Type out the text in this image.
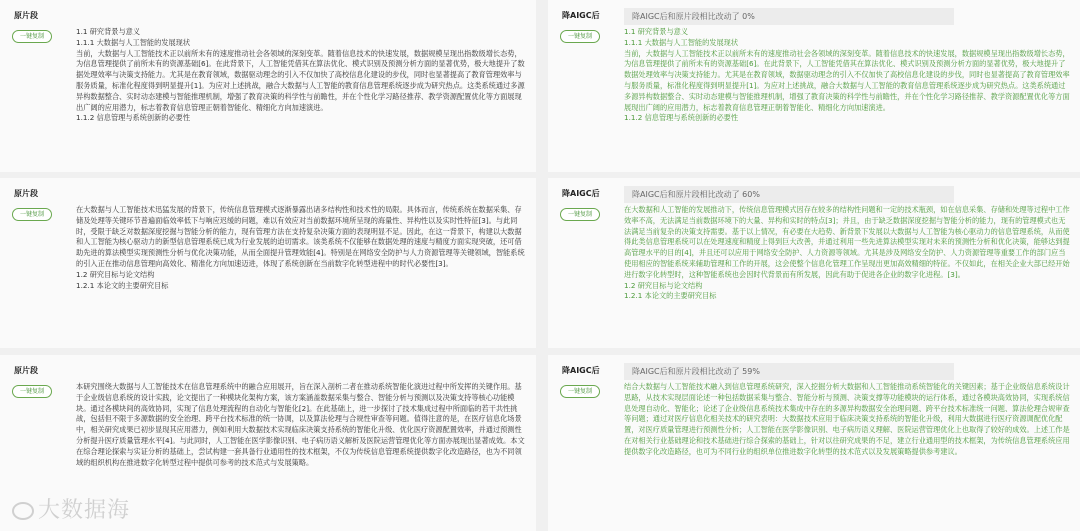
原片段
一键复制
1.1 研究背景与意义
1.1.1 大数据与人工智能的发展现状
当前，大数据与人工智能技术正以前所未有的速度推动社会各领域的深刻变革。随着信息技术的快速发展，数据规模呈现出指数级增长态势，为信息管理提供了前所未有的资源基础[6]。在此背景下，人工智能凭借其在算法优化、模式识别及预测分析方面的显著优势，极大地提升了数据处理效率与决策支持能力。尤其是在教育领域，数据驱动理念的引入不仅加快了高校信息化建设的步伐，同时也显著提高了教育管理效率与服务质量，标准化程度得到明显提升[1]。为应对上述挑战，融合大数据与人工智能的教育信息管理系统逐步成为研究热点。这类系统通过多源异构数据整合、实时动态建模与智能推理机制，增强了教育决策的科学性与前瞻性，并在个性化学习路径推荐、教学资源配置优化等方面展现出广阔的应用潜力，标志着教育信息管理正朝着智能化、精细化方向加速演进。
1.1.2 信息管理与系统创新的必要性
降AIGC后	降AIGC后和原片段相比改动了 0%
一键复制
1.1 研究背景与意义
1.1.1 大数据与人工智能的发展现状
当前，大数据与人工智能技术正以前所未有的速度推动社会各领域的深刻变革。随着信息技术的快速发展，数据规模呈现出指数级增长态势，为信息管理提供了前所未有的资源基础[6]。在此背景下，人工智能凭借其在算法优化、模式识别及预测分析方面的显著优势，极大地提升了数据处理效率与决策支持能力。尤其是在教育领域，数据驱动理念的引入不仅加快了高校信息化建设的步伐，同时也显著提高了教育管理效率与服务质量，标准化程度得到明显提升[1]。为应对上述挑战，融合大数据与人工智能的教育信息管理系统逐步成为研究热点。这类系统通过多源异构数据整合、实时动态建模与智能推理机制，增强了教育决策的科学性与前瞻性，并在个性化学习路径推荐、教学资源配置优化等方面展现出广阔的应用潜力，标志着教育信息管理正朝着智能化、精细化方向加速演进。
1.1.2 信息管理与系统创新的必要性
原片段
一键复制
在大数据与人工智能技术迅猛发展的背景下，传统信息管理模式逐渐暴露出诸多结构性和技术性的局限。具体而言，传统系统在数据采集、存储及处理等关键环节普遍面临效率低下与响应迟缓的问题，难以有效应对当前数据环境所呈现的海量性、异构性以及实时性特征[3]。与此同时，受限于缺乏对数据深度挖掘与智能分析的能力，现有管理方法在支持复杂决策方面的表现明显不足。因此，在这一背景下，构建以大数据和人工智能为核心驱动力的新型信息管理系统已成为行业发展的迫切需求。该类系统不仅能够在数据处理的速度与精度方面实现突破，还可借助先进的算法模型实现预测性分析与优化决策功能，从而全面提升管理效能[4]。特别是在网络安全防护与人力资源管理等关键领域，智能系统的引入正在推动信息管理向高效化、精准化方向加速迈进，体现了系统创新在当前数字化转型进程中的时代必要性[3]。
1.2 研究目标与论文结构
1.2.1 本论文的主要研究目标
降AIGC后	降AIGC后和原片段相比改动了 60%
一键复制
在大数据和人工智能的发展推动下，传统信息管理模式因存在较多的结构性问题和一定的技术瓶颈，如在信息采集、存储和处理等过程中工作效率不高，无法满足当前数据环境下的大量、异构和实时的特点[3]；并且，由于缺乏数据深度挖掘与智能分析的能力，现有的管理模式也无法满足当前复杂的决策支持需要。基于以上情况，有必要在大趋势、新背景下发展以大数据与人工智能为核心驱动力的信息管理系统，从而使得此类信息管理系统可以在处理速度和精度上得到巨大改善，并通过利用一些先进算法模型实现对未来的预测性分析和优化决策，能够达到提高管理水平的目的[4]，并且还可以应用于网络安全防护、人力资源等领域。尤其是涉及网络安全防护、人力资源管理等重要工作的部门应当使用相应的智能系统来辅助管理和工作的开展，这会使整个信息化管理工作呈现出更加高效精细的特征。不仅如此，在相关企业大部已经开始进行数字化转型时，这种智能系统也会因时代背景而有所发展，因此有助于促进各企业的数字化进程。[3]。
1.2 研究目标与论文结构
1.2.1 本论文的主要研究目标
原片段
一键复制
本研究围绕大数据与人工智能技术在信息管理系统中的融合应用展开，旨在深入剖析二者在推动系统智能化演进过程中所发挥的关键作用。基于企业级信息系统的设计实践，论文提出了一种模块化架构方案，该方案涵盖数据采集与整合、智能分析与预测以及决策支持等核心功能模块。通过各模块间的高效协同，实现了信息处理流程的自动化与智能化[2]。在此基础上，进一步探讨了技术集成过程中所面临的若干共性挑战，包括但不限于多源数据的安全治理、跨平台技术标准的统一协调，以及算法伦理与合规性审查等问题。值得注意的是，在医疗信息化场景中，相关研究成果已初步显现其应用潜力，例如利用大数据技术实现临床决策支持系统的智能化升级、优化医疗资源配置效率，并通过预测性分析提升医疗质量管理水平[4]。与此同时，人工智能在医学影像识别、电子病历语义解析及医院运营管理优化等方面亦展现出显著成效。本文在综合理论探索与实证分析的基础上，尝试构建一套具备行业通用性的技术框架，不仅为传统信息管理系统提供数字化改造路径，也为不同领域的组织机构在推进数字化转型过程中提供可参考的技术范式与发展策略。
大数据海
降AIGC后	降AIGC后和原片段相比改动了 59%
一键复制
结合大数据与人工智能技术融入到信息管理系统研究，深入挖掘分析大数据和人工智能推动系统智能化的关键因素；基于企业级信息系统设计思路，从技术实现层面论述一种包括数据采集与整合、智能分析与预测、决策支撑等功能模块的运行体系，通过各模块高效协同，实现系统信息处理自动化、智能化；论述了企业级信息系统技术集成中存在的多源异构数据安全治理问题、跨平台技术标准统一问题、算法伦理合规审查等问题；通过对医疗信息化相关技术的研究表明：大数据技术应用于临床决策支持系统的智能化升级，利用大数据进行医疗资源调配优化配置，对医疗质量管理进行预测性分析；人工智能在医学影像识别、电子病历语义理解、医院运营管理优化上也取得了较好的成效。上述工作是在对相关行业基础理论和技术基础进行综合探索的基础上，针对以往研究成果的不足，建立行业通用型的技术框架，为传统信息管理系统应用提供数字化改造路径，也可为不同行业的组织单位推进数字化转型的技术范式以及发展策略提供参考建议。
